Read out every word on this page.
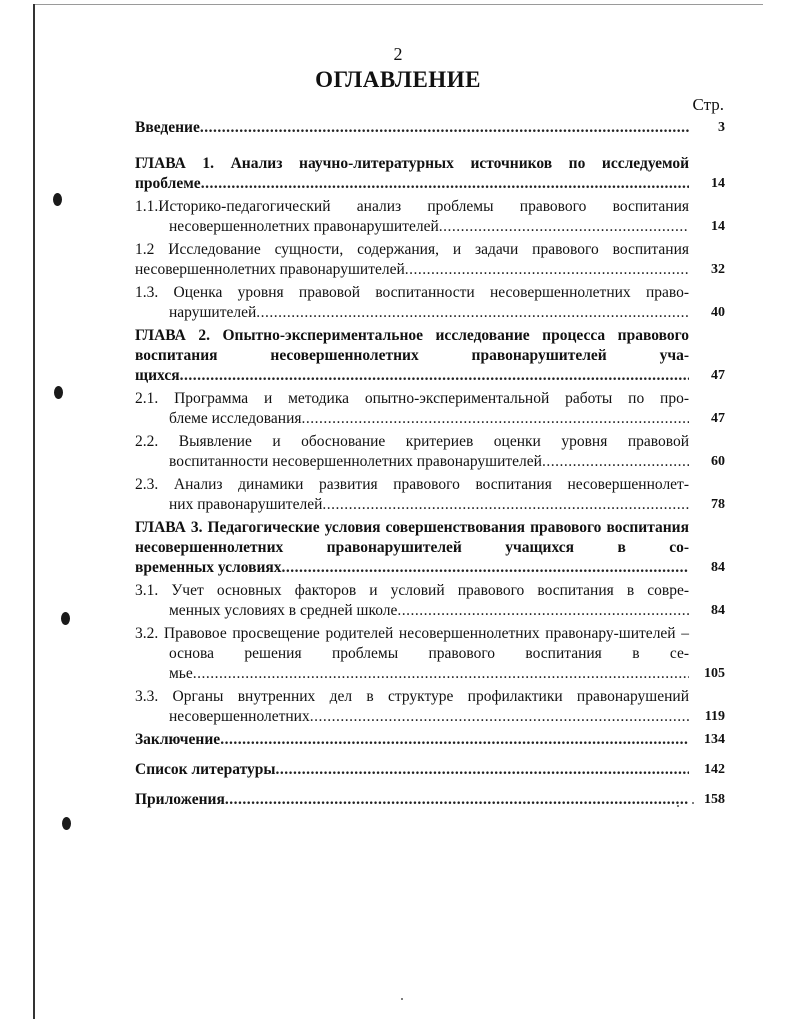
2
ОГЛАВЛЕНИЕ
Стр.
Введение .....	3
ГЛАВА 1. Анализ научно-литературных источников по исследуемой
проблеме .....	14
1.1.Историко-педагогический анализ проблемы правового воспитания
несовершеннолетних правонарушителей .....	14
1.2 Исследование сущности, содержания, и задачи правового воспитания
несовершеннолетних правонарушителей .....	32
1.3. Оценка уровня правовой воспитанности несовершеннолетних право-
нарушителей .....	40
ГЛАВА 2. Опытно-экспериментальное исследование процесса правового воспитания несовершеннолетних правонарушителей уча-
щихся .....	47
2.1. Программа и методика опытно-экспериментальной работы по про-
блеме исследования .....	47
2.2. Выявление и обоснование критериев оценки уровня правовой
воспитанности несовершеннолетних правонарушителей .....	60
2.3. Анализ динамики развития правового воспитания несовершеннолет-
них правонарушителей .....	78
ГЛАВА 3. Педагогические условия совершенствования правового воспитания несовершеннолетних правонарушителей учащихся в со-
временных условиях .....	84
3.1. Учет основных факторов и условий правового воспитания в совре-
менных условиях в средней школе .....	84
3.2. Правовое просвещение родителей несовершеннолетних правонару-шителей – основа решения проблемы правового воспитания в се-
мье .....	105
3.3. Органы внутренних дел в структуре профилактики правонарушений
несовершеннолетних .....	119
Заключение .....	134
Список литературы .....	142
Приложения .....	158
